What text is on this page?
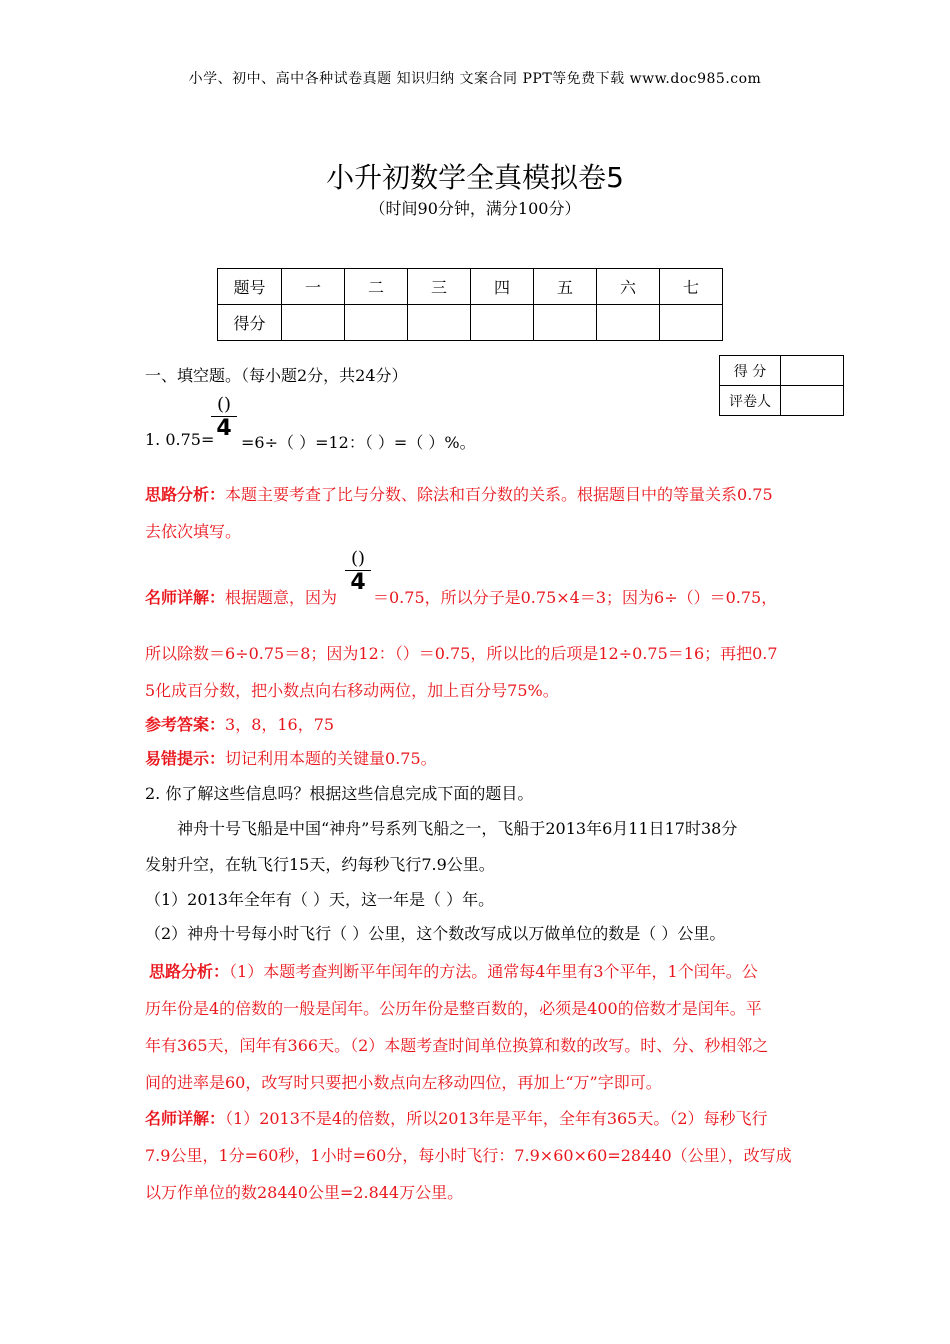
小学、初中、高中各种试卷真题 知识归纳 文案合同 PPT等免费下载 www.doc985.com
小升初数学全真模拟卷5
（时间90分钟，满分100分）
题号	一	二	三	四	五	六	七
得分							
得 分	
评卷人	
一、填空题。（每小题2分，共24分）
()
4
1. 0.75= =6÷（ ）=12：（ ）=（ ）%。
思路分析：本题主要考查了比与分数、除法和百分数的关系。根据题目中的等量关系0.75
去依次填写。
()
4
名师详解：根据题意，因为 ＝0.75，所以分子是0.75×4＝3；因为6÷（）＝0.75，
所以除数＝6÷0.75＝8；因为12：（）＝0.75，所以比的后项是12÷0.75＝16；再把0.7
5化成百分数，把小数点向右移动两位，加上百分号75%。
参考答案：3，8，16，75
易错提示：切记利用本题的关键量0.75。
2. 你了解这些信息吗？根据这些信息完成下面的题目。
神舟十号飞船是中国“神舟”号系列飞船之一，飞船于2013年6月11日17时38分
发射升空，在轨飞行15天，约每秒飞行7.9公里。
（1）2013年全年有（ ）天，这一年是（ ）年。
（2）神舟十号每小时飞行（ ）公里，这个数改写成以万做单位的数是（ ）公里。
思路分析：（1）本题考查判断平年闰年的方法。通常每4年里有3个平年，1个闰年。公
历年份是4的倍数的一般是闰年。公历年份是整百数的，必须是400的倍数才是闰年。平
年有365天，闰年有366天。（2）本题考查时间单位换算和数的改写。时、分、秒相邻之
间的进率是60，改写时只要把小数点向左移动四位，再加上“万”字即可。
名师详解：（1）2013不是4的倍数，所以2013年是平年，全年有365天。（2）每秒飞行
7.9公里，1分=60秒，1小时=60分，每小时飞行：7.9×60×60=28440（公里），改写成
以万作单位的数28440公里=2.844万公里。
